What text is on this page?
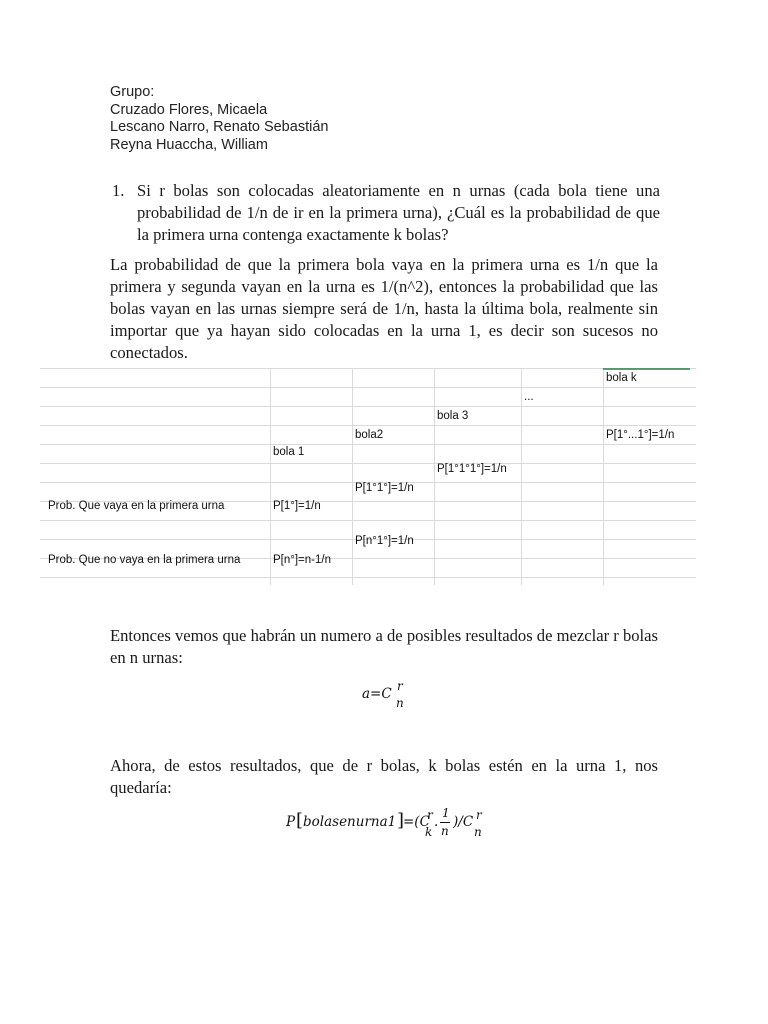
Grupo:
Cruzado Flores, Micaela
Lescano Narro, Renato Sebastián
Reyna Huaccha, William
1. Si r bolas son colocadas aleatoriamente en n urnas (cada bola tiene una probabilidad de 1/n de ir en la primera urna), ¿Cuál es la probabilidad de que la primera urna contenga exactamente k bolas?
La probabilidad de que la primera bola vaya en la primera urna es 1/n que la primera y segunda vayan en la urna es 1/(n^2), entonces la probabilidad que las bolas vayan en las urnas siempre será de 1/n, hasta la última bola, realmente sin importar que ya hayan sido colocadas en la urna 1, es decir son sucesos no conectados.
bola k
...
bola 3
bola2	P[1°...1°]=1/n
bola 1
P[1°1°1°]=1/n
P[1°1°]=1/n
Prob. Que vaya en la primera urna	P[1°]=1/n
P[n°1°]=1/n
Prob. Que no vaya en la primera urna	P[n°]=n-1/n
Entonces vemos que habrán un numero a de posibles resultados de mezclar r bolas en n urnas:
a=C r
n
Ahora, de estos resultados, que de r bolas, k bolas estén en la urna 1, nos quedaría:
P [ bolasenurna1 ]
=(C
r
k
.
1
n
)/C r
n
